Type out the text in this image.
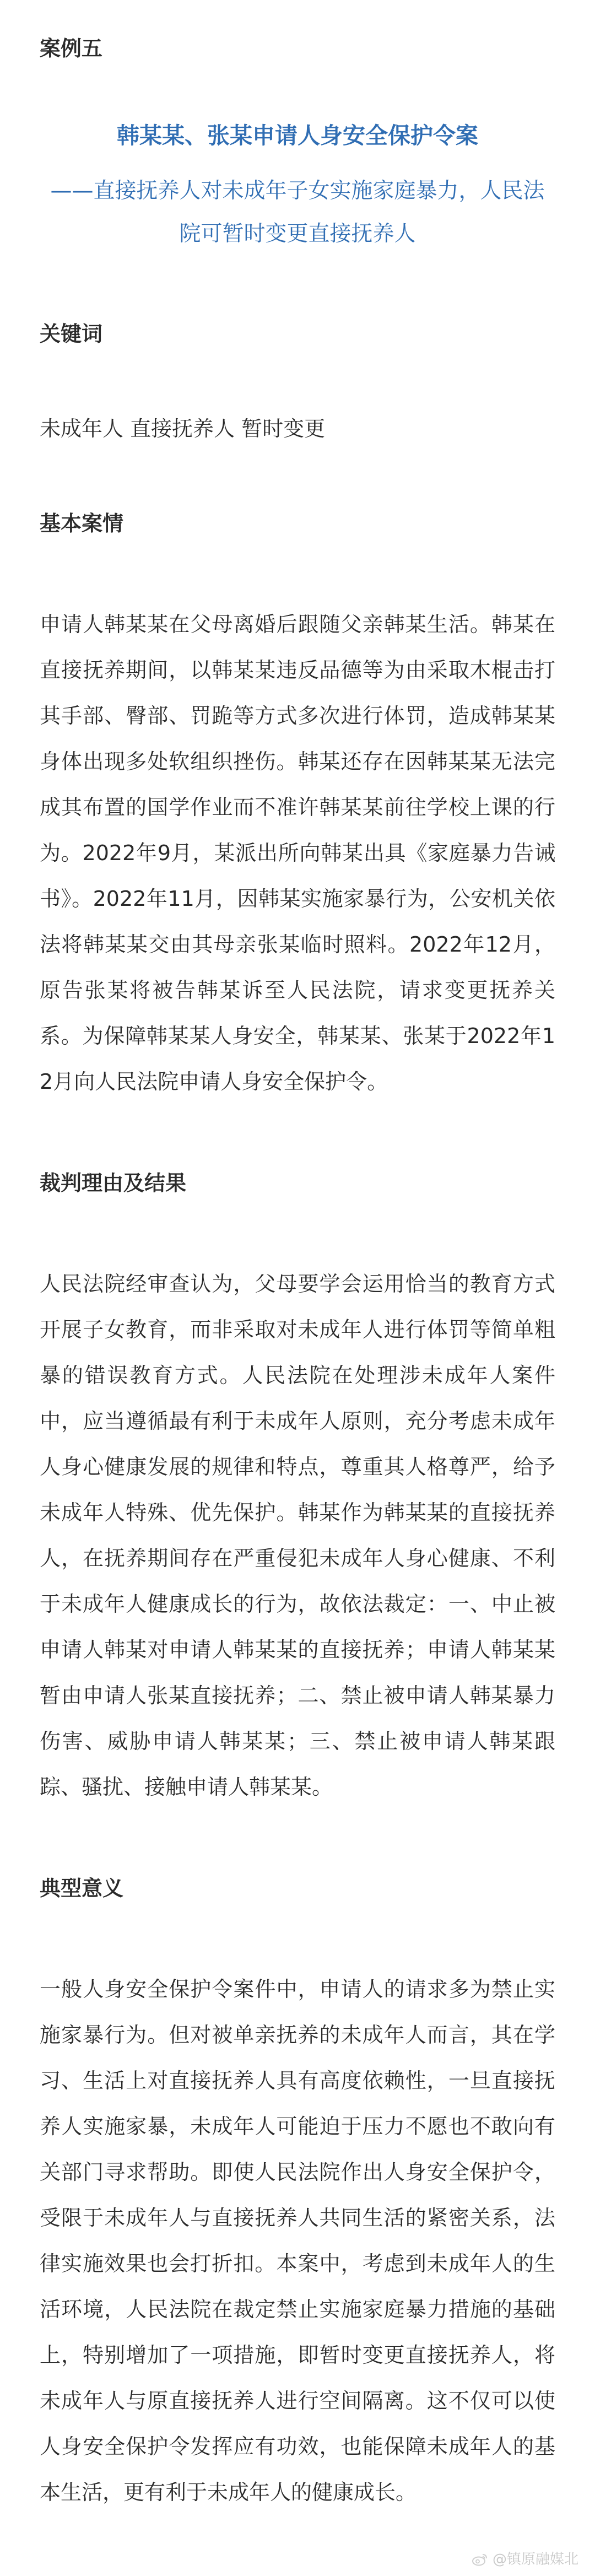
案例五
韩某某、张某申请人身安全保护令案
——直接抚养人对未成年子女实施家庭暴力，人民法院可暂时变更直接抚养人
关键词
未成年人 直接抚养人 暂时变更
基本案情
申请人韩某某在父母离婚后跟随父亲韩某生活。韩某在直接抚养期间，以韩某某违反品德等为由采取木棍击打其手部、臀部、罚跪等方式多次进行体罚，造成韩某某身体出现多处软组织挫伤。韩某还存在因韩某某无法完成其布置的国学作业而不准许韩某某前往学校上课的行为。2022年9月，某派出所向韩某出具《家庭暴力告诫书》。2022年11月，因韩某实施家暴行为，公安机关依法将韩某某交由其母亲张某临时照料。2022年12月，原告张某将被告韩某诉至人民法院，请求变更抚养关系。为保障韩某某人身安全，韩某某、张某于2022年12月向人民法院申请人身安全保护令。
裁判理由及结果
人民法院经审查认为，父母要学会运用恰当的教育方式开展子女教育，而非采取对未成年人进行体罚等简单粗暴的错误教育方式。人民法院在处理涉未成年人案件中，应当遵循最有利于未成年人原则，充分考虑未成年人身心健康发展的规律和特点，尊重其人格尊严，给予未成年人特殊、优先保护。韩某作为韩某某的直接抚养人，在抚养期间存在严重侵犯未成年人身心健康、不利于未成年人健康成长的行为，故依法裁定：一、中止被申请人韩某对申请人韩某某的直接抚养；申请人韩某某暂由申请人张某直接抚养；二、禁止被申请人韩某暴力伤害、威胁申请人韩某某；三、禁止被申请人韩某跟踪、骚扰、接触申请人韩某某。
典型意义
一般人身安全保护令案件中，申请人的请求多为禁止实施家暴行为。但对被单亲抚养的未成年人而言，其在学习、生活上对直接抚养人具有高度依赖性，一旦直接抚养人实施家暴，未成年人可能迫于压力不愿也不敢向有关部门寻求帮助。即使人民法院作出人身安全保护令，受限于未成年人与直接抚养人共同生活的紧密关系，法律实施效果也会打折扣。本案中，考虑到未成年人的生活环境，人民法院在裁定禁止实施家庭暴力措施的基础上，特别增加了一项措施，即暂时变更直接抚养人，将未成年人与原直接抚养人进行空间隔离。这不仅可以使人身安全保护令发挥应有功效，也能保障未成年人的基本生活，更有利于未成年人的健康成长。
@镇原融媒北
